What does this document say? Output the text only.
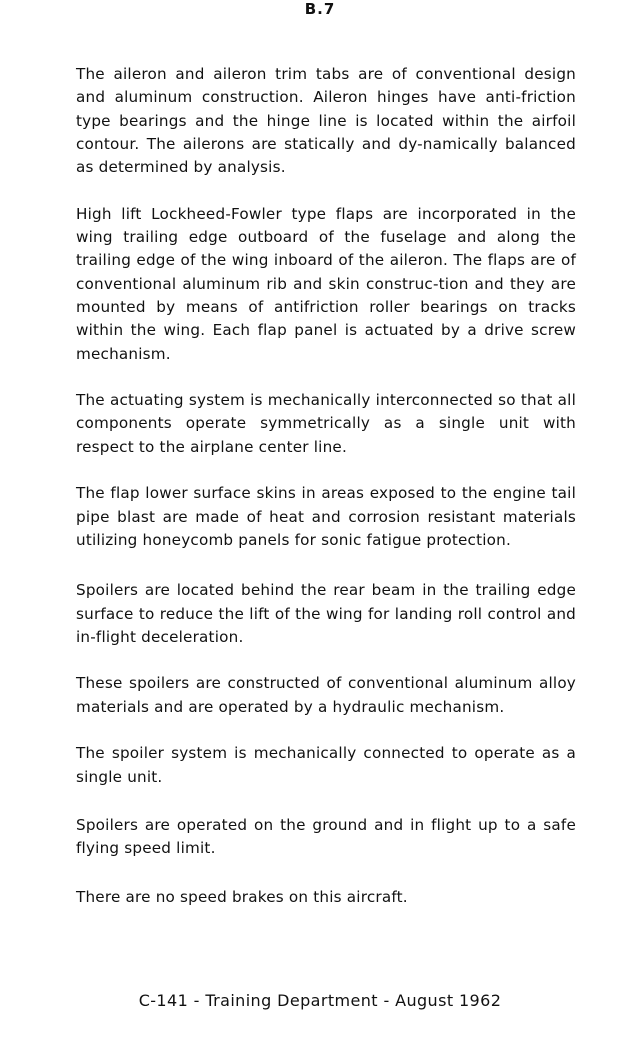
B.7

The aileron and aileron trim tabs are of conventional design and aluminum construction. Aileron hinges have anti-friction type bearings and the hinge line is located within the airfoil contour. The ailerons are statically and dy-namically balanced as determined by analysis.

High lift Lockheed-Fowler type flaps are incorporated in the wing trailing edge outboard of the fuselage and along the trailing edge of the wing inboard of the aileron. The flaps are of conventional aluminum rib and skin construc-tion and they are mounted by means of antifriction roller bearings on tracks within the wing. Each flap panel is actuated by a drive screw mechanism.

The actuating system is mechanically interconnected so that all components operate symmetrically as a single unit with respect to the airplane center line.

The flap lower surface skins in areas exposed to the engine tail pipe blast are made of heat and corrosion resistant materials utilizing honeycomb panels for sonic fatigue protection.

Spoilers are located behind the rear beam in the trailing edge surface to reduce the lift of the wing for landing roll control and in-flight deceleration.

These spoilers are constructed of conventional aluminum alloy materials and are operated by a hydraulic mechanism.

The spoiler system is mechanically connected to operate as a single unit.

Spoilers are operated on the ground and in flight up to a safe flying speed limit.

There are no speed brakes on this aircraft.

C-141 - Training Department - August 1962
